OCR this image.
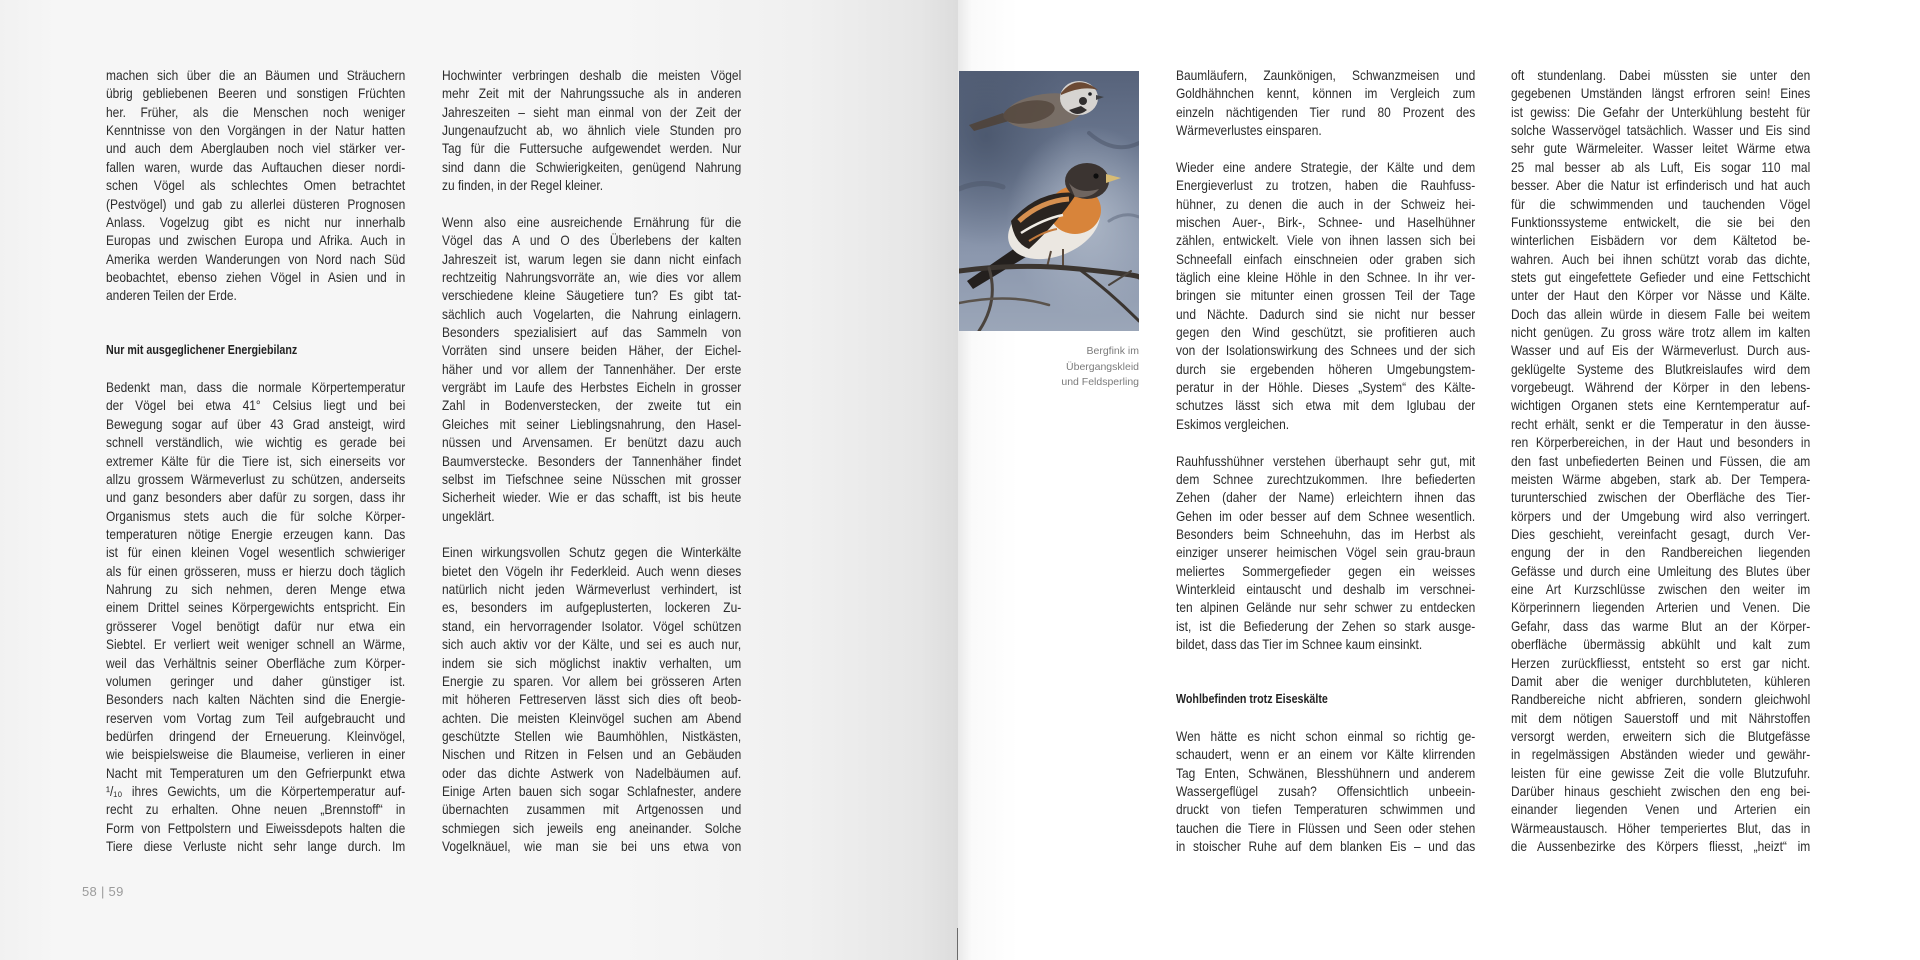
machen sich über die an Bäumen und Sträuchern
übrig gebliebenen Beeren und sonstigen Früchten
her. Früher, als die Menschen noch weniger
Kenntnisse von den Vorgängen in der Natur hatten
und auch dem Aberglauben noch viel stärker ver-
fallen waren, wurde das Auftauchen dieser nordi-
schen Vögel als schlechtes Omen betrachtet
(Pestvögel) und gab zu allerlei düsteren Prognosen
Anlass. Vogelzug gibt es nicht nur innerhalb
Europas und zwischen Europa und Afrika. Auch in
Amerika werden Wanderungen von Nord nach Süd
beobachtet, ebenso ziehen Vögel in Asien und in
anderen Teilen der Erde.
Nur mit ausgeglichener Energiebilanz
Bedenkt man, dass die normale Körpertemperatur
der Vögel bei etwa 41° Celsius liegt und bei
Bewegung sogar auf über 43 Grad ansteigt, wird
schnell verständlich, wie wichtig es gerade bei
extremer Kälte für die Tiere ist, sich einerseits vor
allzu grossem Wärmeverlust zu schützen, anderseits
und ganz besonders aber dafür zu sorgen, dass ihr
Organismus stets auch die für solche Körper-
temperaturen nötige Energie erzeugen kann. Das
ist für einen kleinen Vogel wesentlich schwieriger
als für einen grösseren, muss er hierzu doch täglich
Nahrung zu sich nehmen, deren Menge etwa
einem Drittel seines Körpergewichts entspricht. Ein
grösserer Vogel benötigt dafür nur etwa ein
Siebtel. Er verliert weit weniger schnell an Wärme,
weil das Verhältnis seiner Oberfläche zum Körper-
volumen geringer und daher günstiger ist.
Besonders nach kalten Nächten sind die Energie-
reserven vom Vortag zum Teil aufgebraucht und
bedürfen dringend der Erneuerung. Kleinvögel,
wie beispielsweise die Blaumeise, verlieren in einer
Nacht mit Temperaturen um den Gefrierpunkt etwa
¹/₁₀ ihres Gewichts, um die Körpertemperatur auf-
recht zu erhalten. Ohne neuen „Brennstoff“ in
Form von Fettpolstern und Eiweissdepots halten die
Tiere diese Verluste nicht sehr lange durch. Im
Hochwinter verbringen deshalb die meisten Vögel
mehr Zeit mit der Nahrungssuche als in anderen
Jahreszeiten – sieht man einmal von der Zeit der
Jungenaufzucht ab, wo ähnlich viele Stunden pro
Tag für die Futtersuche aufgewendet werden. Nur
sind dann die Schwierigkeiten, genügend Nahrung
zu finden, in der Regel kleiner.
Wenn also eine ausreichende Ernährung für die
Vögel das A und O des Überlebens der kalten
Jahreszeit ist, warum legen sie dann nicht einfach
rechtzeitig Nahrungsvorräte an, wie dies vor allem
verschiedene kleine Säugetiere tun? Es gibt tat-
sächlich auch Vogelarten, die Nahrung einlagern.
Besonders spezialisiert auf das Sammeln von
Vorräten sind unsere beiden Häher, der Eichel-
häher und vor allem der Tannenhäher. Der erste
vergräbt im Laufe des Herbstes Eicheln in grosser
Zahl in Bodenverstecken, der zweite tut ein
Gleiches mit seiner Lieblingsnahrung, den Hasel-
nüssen und Arvensamen. Er benützt dazu auch
Baumverstecke. Besonders der Tannenhäher findet
selbst im Tiefschnee seine Nüsschen mit grosser
Sicherheit wieder. Wie er das schafft, ist bis heute
ungeklärt.
Einen wirkungsvollen Schutz gegen die Winterkälte
bietet den Vögeln ihr Federkleid. Auch wenn dieses
natürlich nicht jeden Wärmeverlust verhindert, ist
es, besonders im aufgeplusterten, lockeren Zu-
stand, ein hervorragender Isolator. Vögel schützen
sich auch aktiv vor der Kälte, und sei es auch nur,
indem sie sich möglichst inaktiv verhalten, um
Energie zu sparen. Vor allem bei grösseren Arten
mit höheren Fettreserven lässt sich dies oft beob-
achten. Die meisten Kleinvögel suchen am Abend
geschützte Stellen wie Baumhöhlen, Nistkästen,
Nischen und Ritzen in Felsen und an Gebäuden
oder das dichte Astwerk von Nadelbäumen auf.
Einige Arten bauen sich sogar Schlafnester, andere
übernachten zusammen mit Artgenossen und
schmiegen sich jeweils eng aneinander. Solche
Vogelknäuel, wie man sie bei uns etwa von
Baumläufern, Zaunkönigen, Schwanzmeisen und
Goldhähnchen kennt, können im Vergleich zum
einzeln nächtigenden Tier rund 80 Prozent des
Wärmeverlustes einsparen.
Wieder eine andere Strategie, der Kälte und dem
Energieverlust zu trotzen, haben die Rauhfuss-
hühner, zu denen die auch in der Schweiz hei-
mischen Auer-, Birk-, Schnee- und Haselhühner
zählen, entwickelt. Viele von ihnen lassen sich bei
Schneefall einfach einschneien oder graben sich
täglich eine kleine Höhle in den Schnee. In ihr ver-
bringen sie mitunter einen grossen Teil der Tage
und Nächte. Dadurch sind sie nicht nur besser
gegen den Wind geschützt, sie profitieren auch
von der Isolationswirkung des Schnees und der sich
durch sie ergebenden höheren Umgebungstem-
peratur in der Höhle. Dieses „System“ des Kälte-
schutzes lässt sich etwa mit dem Iglubau der
Eskimos vergleichen.
Rauhfusshühner verstehen überhaupt sehr gut, mit
dem Schnee zurechtzukommen. Ihre befiederten
Zehen (daher der Name) erleichtern ihnen das
Gehen im oder besser auf dem Schnee wesentlich.
Besonders beim Schneehuhn, das im Herbst als
einziger unserer heimischen Vögel sein grau-braun
meliertes Sommergefieder gegen ein weisses
Winterkleid eintauscht und deshalb im verschnei-
ten alpinen Gelände nur sehr schwer zu entdecken
ist, ist die Befiederung der Zehen so stark ausge-
bildet, dass das Tier im Schnee kaum einsinkt.
Wohlbefinden trotz Eiseskälte
Wen hätte es nicht schon einmal so richtig ge-
schaudert, wenn er an einem vor Kälte klirrenden
Tag Enten, Schwänen, Blesshühnern und anderem
Wassergeflügel zusah? Offensichtlich unbeein-
druckt von tiefen Temperaturen schwimmen und
tauchen die Tiere in Flüssen und Seen oder stehen
in stoischer Ruhe auf dem blanken Eis – und das
oft stundenlang. Dabei müssten sie unter den
gegebenen Umständen längst erfroren sein! Eines
ist gewiss: Die Gefahr der Unterkühlung besteht für
solche Wasservögel tatsächlich. Wasser und Eis sind
sehr gute Wärmeleiter. Wasser leitet Wärme etwa
25 mal besser ab als Luft, Eis sogar 110 mal
besser. Aber die Natur ist erfinderisch und hat auch
für die schwimmenden und tauchenden Vögel
Funktionssysteme entwickelt, die sie bei den
winterlichen Eisbädern vor dem Kältetod be-
wahren. Auch bei ihnen schützt vorab das dichte,
stets gut eingefettete Gefieder und eine Fettschicht
unter der Haut den Körper vor Nässe und Kälte.
Doch das allein würde in diesem Falle bei weitem
nicht genügen. Zu gross wäre trotz allem im kalten
Wasser und auf Eis der Wärmeverlust. Durch aus-
geklügelte Systeme des Blutkreislaufes wird dem
vorgebeugt. Während der Körper in den lebens-
wichtigen Organen stets eine Kerntemperatur auf-
recht erhält, senkt er die Temperatur in den äusse-
ren Körperbereichen, in der Haut und besonders in
den fast unbefiederten Beinen und Füssen, die am
meisten Wärme abgeben, stark ab. Der Tempera-
turunterschied zwischen der Oberfläche des Tier-
körpers und der Umgebung wird also verringert.
Dies geschieht, vereinfacht gesagt, durch Ver-
engung der in den Randbereichen liegenden
Gefässe und durch eine Umleitung des Blutes über
eine Art Kurzschlüsse zwischen den weiter im
Körperinnern liegenden Arterien und Venen. Die
Gefahr, dass das warme Blut an der Körper-
oberfläche übermässig abkühlt und kalt zum
Herzen zurückfliesst, entsteht so erst gar nicht.
Damit aber die weniger durchbluteten, kühleren
Randbereiche nicht abfrieren, sondern gleichwohl
mit dem nötigen Sauerstoff und mit Nährstoffen
versorgt werden, erweitern sich die Blutgefässe
in regelmässigen Abständen wieder und gewähr-
leisten für eine gewisse Zeit die volle Blutzufuhr.
Darüber hinaus geschieht zwischen den eng bei-
einander liegenden Venen und Arterien ein
Wärmeaustausch. Höher temperiertes Blut, das in
die Aussenbezirke des Körpers fliesst, „heizt“ im
Bergfink im
Übergangskleid
und Feldsperling
58 | 59
